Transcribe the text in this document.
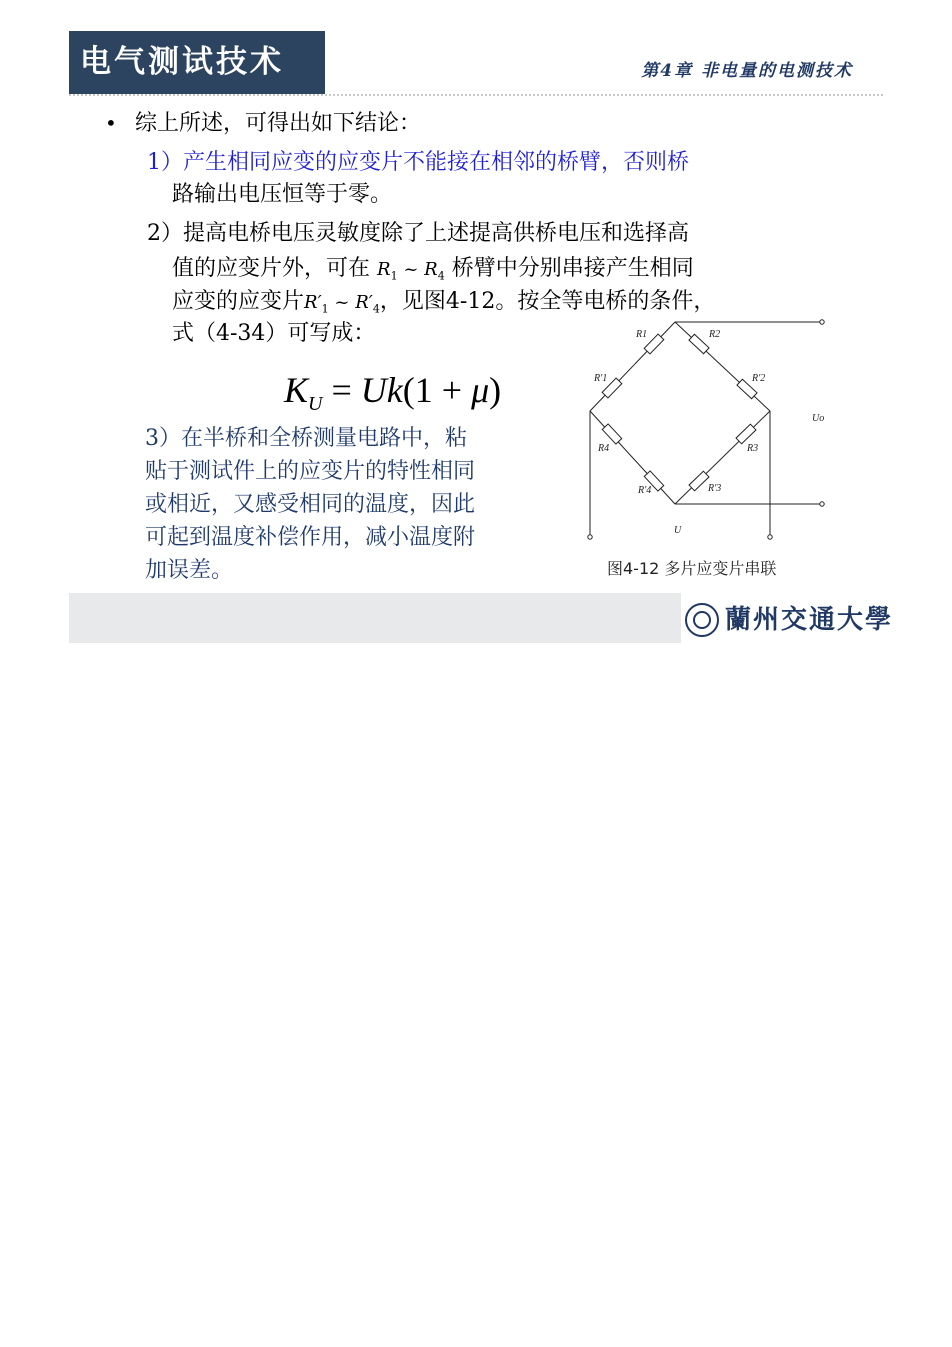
电气测试技术	第4章 非电量的电测技术
• 综上所述，可得出如下结论：
1）产生相同应变的应变片不能接在相邻的桥臂，否则桥
路输出电压恒等于零。
2）提高电桥电压灵敏度除了上述提高供桥电压和选择高
值的应变片外，可在 $R_1$ ~ $R_4$ 桥臂中分别串接产生相同
应变的应变片$R'_1$ ~ $R'_4$，见图4-12。按全等电桥的条件，
式（4-34）可写成：
$K_U = Uk(1 + \mu)$
3）在半桥和全桥测量电路中，粘
贴于测试件上的应变片的特性相同
或相近，又感受相同的温度，因此
可起到温度补偿作用，减小温度附
加误差。
R1	R2
R′1	R′2
R3
R′3
R4
R′4
U
Uo
图4-12 多片应变片串联
蘭州交通大學
